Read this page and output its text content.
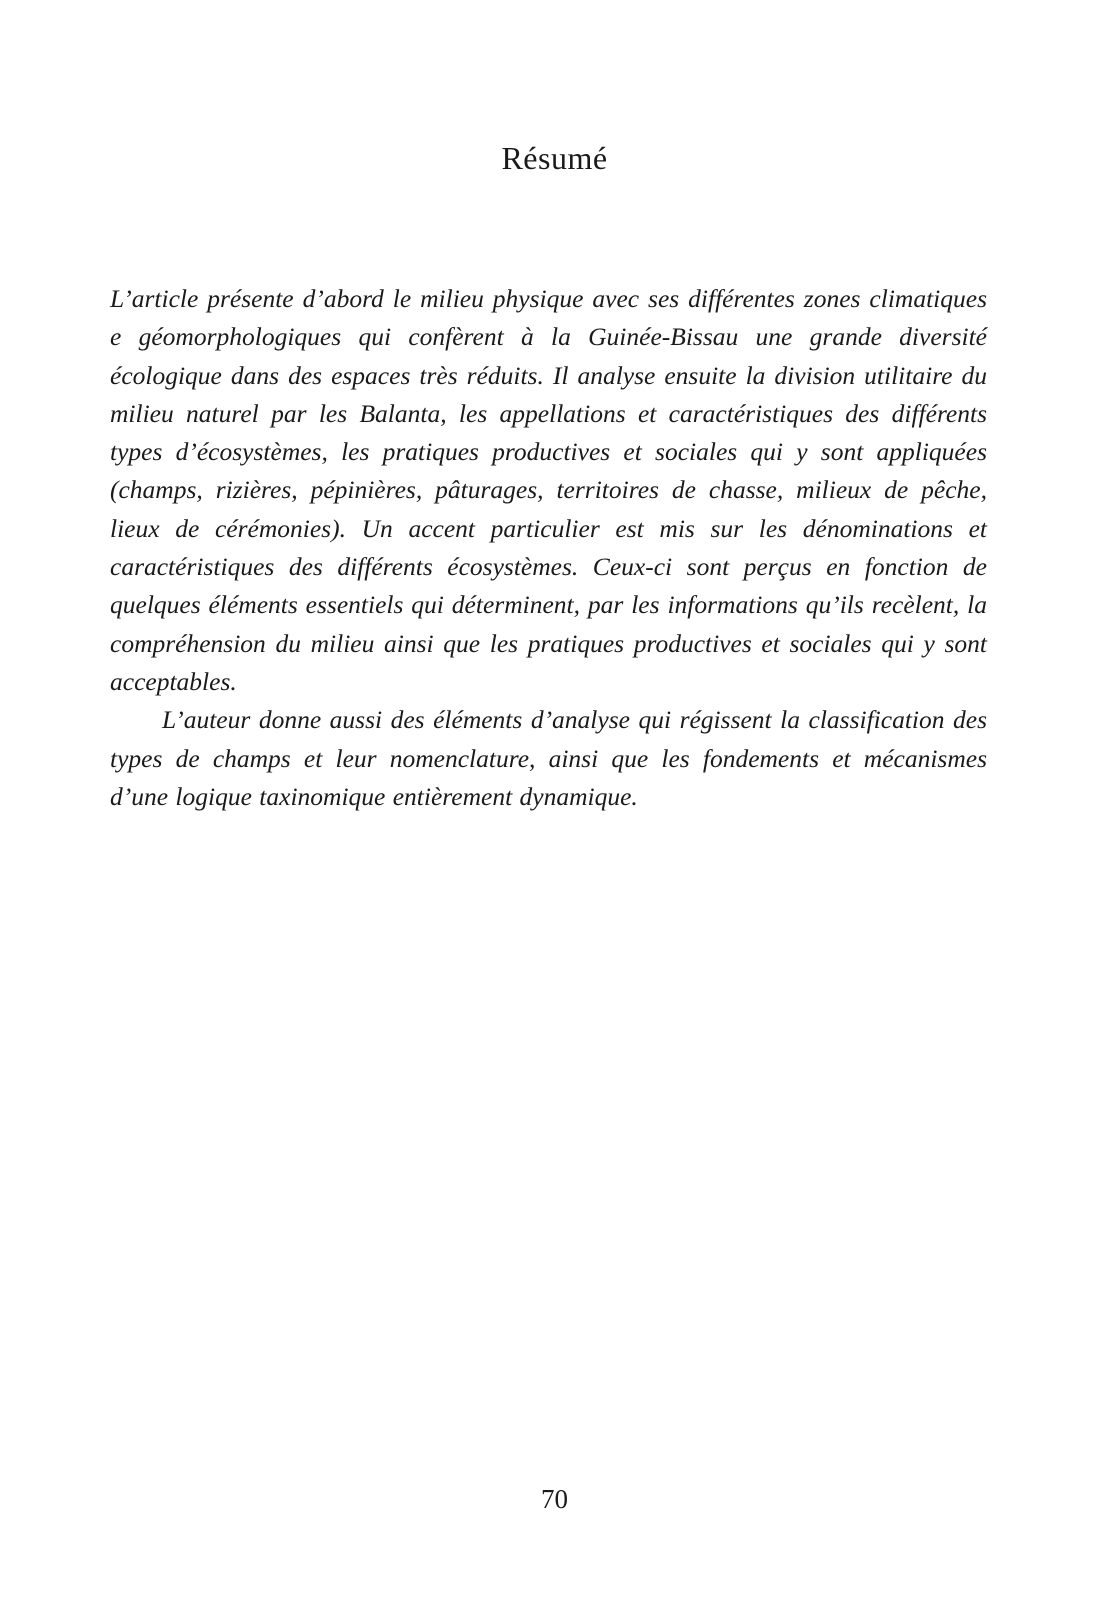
Résumé

L’article présente d’abord le milieu physique avec ses différentes zones climatiques e géomorphologiques qui confèrent à la Guinée-Bissau une grande diversité écologique dans des espaces très réduits. Il analyse ensuite la division utilitaire du milieu naturel par les Balanta, les appellations et caractéristiques des différents types d’écosystèmes, les pratiques productives et sociales qui y sont appliquées (champs, rizières, pépinières, pâturages, territoires de chasse, milieux de pêche, lieux de cérémonies). Un accent particulier est mis sur les dénominations et caractéristiques des différents écosystèmes. Ceux-ci sont perçus en fonction de quelques éléments essentiels qui déterminent, par les informations qu’ils recèlent, la compréhension du milieu ainsi que les pratiques productives et sociales qui y sont acceptables.

L’auteur donne aussi des éléments d’analyse qui régissent la classification des types de champs et leur nomenclature, ainsi que les fondements et mécanismes d’une logique taxinomique entièrement dynamique.

70
